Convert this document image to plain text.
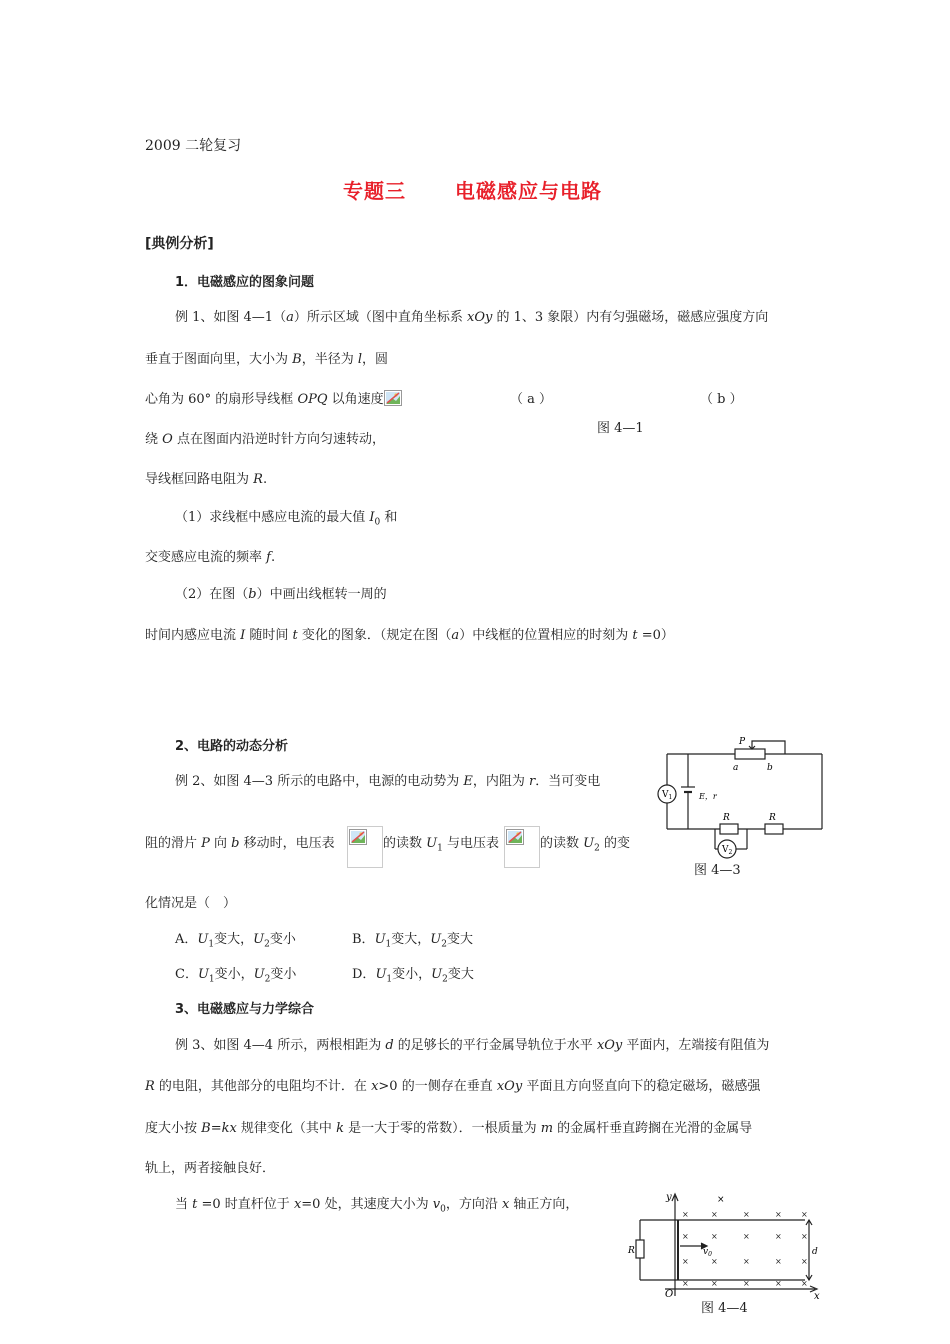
2009 二轮复习
专题三 电磁感应与电路
[典例分析]
1．电磁感应的图象问题
例 1、如图 4—1（a）所示区域（图中直角坐标系 xOy 的 1、3 象限）内有匀强磁场，磁感应强度方向
垂直于图面向里，大小为 B，半径为 l，圆
心角为 60° 的扇形导线框 OPQ 以角速度	（ a ）	（ b ）
图 4—1
绕 O 点在图面内沿逆时针方向匀速转动，
导线框回路电阻为 R.
（1）求线框中感应电流的最大值 $I_0$ 和
交变感应电流的频率 f.
（2）在图（b）中画出线框转一周的
时间内感应电流 I 随时间 t 变化的图象．（规定在图（a）中线框的位置相应的时刻为 t =0）
2、电路的动态分析
例 2、如图 4—3 所示的电路中，电源的电动势为 E，内阻为 r．当可变电
阻的滑片 P 向 b 移动时，电压表	的读数 $U_1$ 与电压表	的读数 $U_2$ 的变
化情况是（　）
A．$U_1$变大，$U_2$变小	B．$U_1$变大，$U_2$变大
C．$U_1$变小，$U_2$变小	D．$U_1$变小，$U_2$变大
P
a	b
E，r
R	R
$V_1$
$V_2$
图 4—3
3、电磁感应与力学综合
例 3、如图 4—4 所示，两根相距为 d 的足够长的平行金属导轨位于水平 xOy 平面内，左端接有阻值为
R 的电阻，其他部分的电阻均不计．在 x>0 的一侧存在垂直 xOy 平面且方向竖直向下的稳定磁场，磁感强
度大小按 B=kx 规律变化（其中 k 是一大于零的常数）．一根质量为 m 的金属杆垂直跨搁在光滑的金属导
轨上，两者接触良好．
当 t =0 时直杆位于 x=0 处，其速度大小为 $v_0$，方向沿 x 轴正方向，
×	×	×	× ×
×	×	×	× ×
×	×	×	× ×
×	×	×	× ×
y	×
x
O
R	d
$v_0$
图 4—4
